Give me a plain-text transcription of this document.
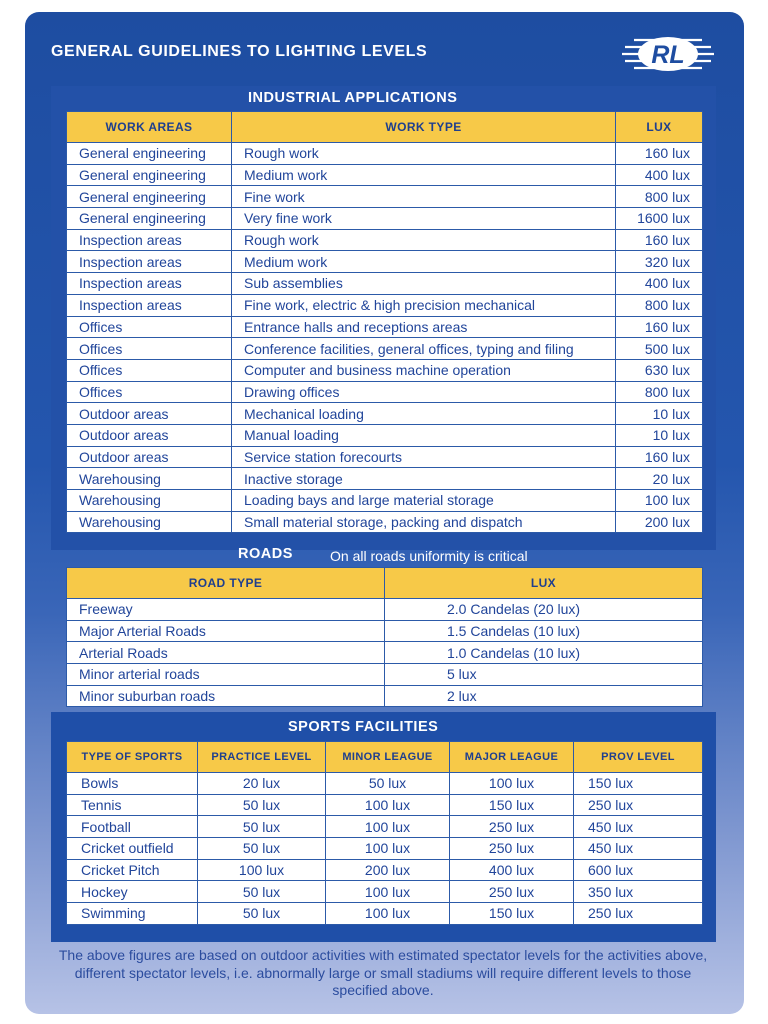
GENERAL GUIDELINES TO LIGHTING LEVELS	RL
INDUSTRIAL APPLICATIONS
WORK AREAS	WORK TYPE	LUX
General engineering	Rough work	160 lux
General engineering	Medium work	400 lux
General engineering	Fine work	800 lux
General engineering	Very fine work	1600 lux
Inspection areas	Rough work	160 lux
Inspection areas	Medium work	320 lux
Inspection areas	Sub assemblies	400 lux
Inspection areas	Fine work, electric & high precision mechanical	800 lux
Offices	Entrance halls and receptions areas	160 lux
Offices	Conference facilities, general offices, typing and filing	500 lux
Offices	Computer and business machine operation	630 lux
Offices	Drawing offices	800 lux
Outdoor areas	Mechanical loading	10 lux
Outdoor areas	Manual loading	10 lux
Outdoor areas	Service station forecourts	160 lux
Warehousing	Inactive storage	20 lux
Warehousing	Loading bays and large material storage	100 lux
Warehousing	Small material storage, packing and dispatch	200 lux
ROADS	On all roads uniformity is critical
ROAD TYPE	LUX
Freeway	2.0 Candelas (20 lux)
Major Arterial Roads	1.5 Candelas (10 lux)
Arterial Roads	1.0 Candelas (10 lux)
Minor arterial roads	5 lux
Minor suburban roads	2 lux
SPORTS FACILITIES
TYPE OF SPORTS	PRACTICE LEVEL	MINOR LEAGUE	MAJOR LEAGUE	PROV LEVEL
Bowls	20 lux	50 lux	100 lux	150 lux
Tennis	50 lux	100 lux	150 lux	250 lux
Football	50 lux	100 lux	250 lux	450 lux
Cricket outfield	50 lux	100 lux	250 lux	450 lux
Cricket Pitch	100 lux	200 lux	400 lux	600 lux
Hockey	50 lux	100 lux	250 lux	350 lux
Swimming	50 lux	100 lux	150 lux	250 lux
The above figures are based on outdoor activities with estimated spectator levels for the activities above, different spectator levels, i.e. abnormally large or small stadiums will require different levels to those specified above.
